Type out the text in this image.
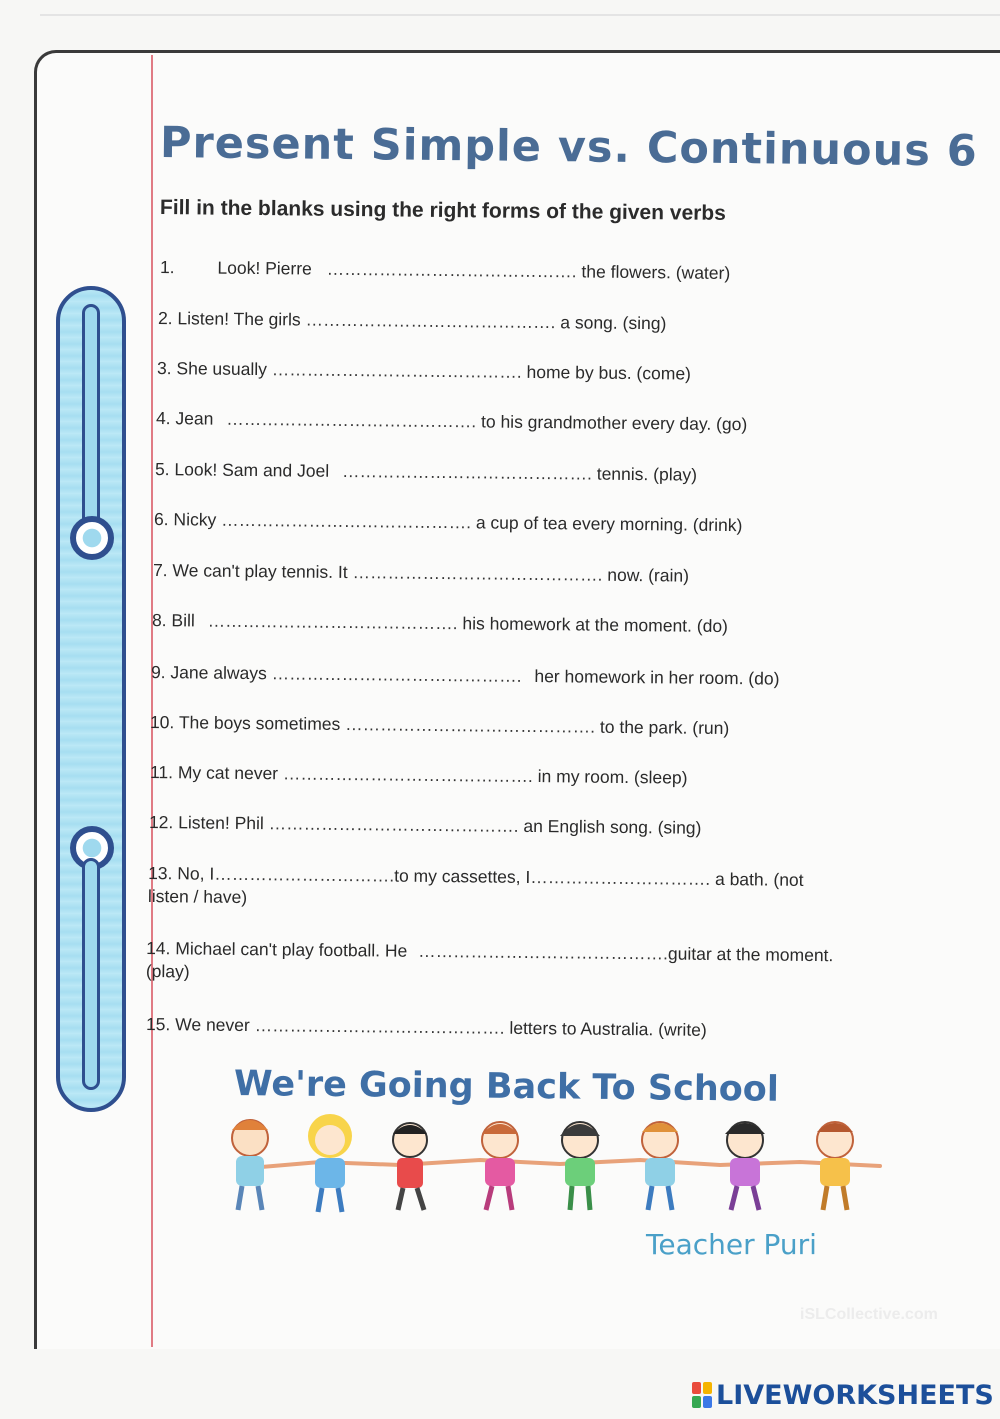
Present Simple vs. Continuous 6
Fill in the blanks using the right forms of the given verbs
1. Look! Pierre ……………………………………. the flowers. (water)
2. Listen! The girls ……………………………………. a song. (sing)
3. She usually ……………………………………. home by bus. (come)
4. Jean ……………………………………. to his grandmother every day. (go)
5. Look! Sam and Joel ……………………………………. tennis. (play)
6. Nicky ……………………………………. a cup of tea every morning. (drink)
7. We can't play tennis. It ……………………………………. now. (rain)
8. Bill ……………………………………. his homework at the moment. (do)
9. Jane always ……………………………………. her homework in her room. (do)
10. The boys sometimes ……………………………………. to the park. (run)
11. My cat never ……………………………………. in my room. (sleep)
12. Listen! Phil ……………………………………. an English song. (sing)
13. No, I………………………….to my cassettes, I…………………………. a bath. (not
listen / have)
14. Michael can't play football. He …………………………………….guitar at the moment.
(play)
15. We never ……………………………………. letters to Australia. (write)
We're Going Back To School
Teacher Puri
iSLCollective.com
LIVEWORKSHEETS
